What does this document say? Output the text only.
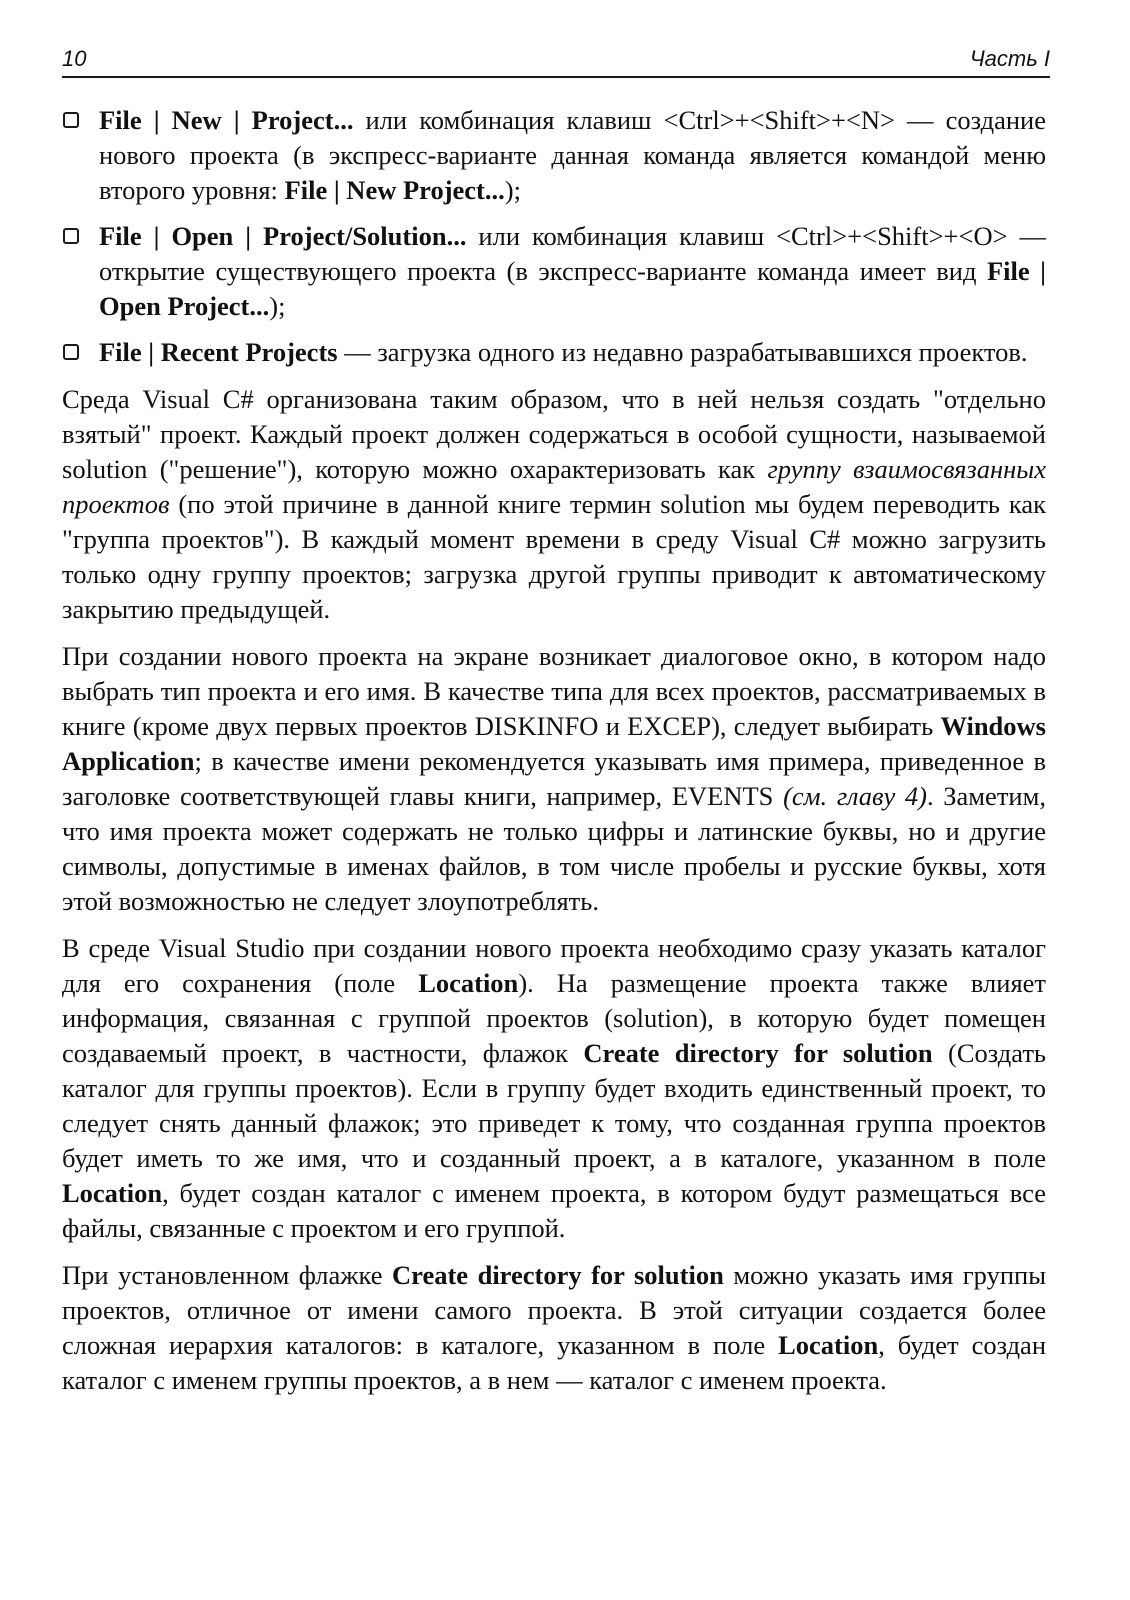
10	Часть I
File | New | Project... или комбинация клавиш <Ctrl>+<Shift>+<N> — создание нового проекта (в экспресс-варианте данная команда является командой меню второго уровня: File | New Project...);
File | Open | Project/Solution... или комбинация клавиш <Ctrl>+<Shift>+<O> — открытие существующего проекта (в экспресс-варианте команда имеет вид File | Open Project...);
File | Recent Projects — загрузка одного из недавно разрабатывавшихся проектов.

Среда Visual C# организована таким образом, что в ней нельзя создать "отдельно взятый" проект. Каждый проект должен содержаться в особой сущности, называемой solution ("решение"), которую можно охарактеризовать как группу взаимосвязанных проектов (по этой причине в данной книге термин solution мы будем переводить как "группа проектов"). В каждый момент времени в среду Visual C# можно загрузить только одну группу проектов; загрузка другой группы приводит к автоматическому закрытию предыдущей.

При создании нового проекта на экране возникает диалоговое окно, в котором надо выбрать тип проекта и его имя. В качестве типа для всех проектов, рассматриваемых в книге (кроме двух первых проектов DISKINFO и EXCEP), следует выбирать Windows Application; в качестве имени рекомендуется указывать имя примера, приведенное в заголовке соответствующей главы книги, например, EVENTS (см. главу 4). Заметим, что имя проекта может содержать не только цифры и латинские буквы, но и другие символы, допустимые в именах файлов, в том числе пробелы и русские буквы, хотя этой возможностью не следует злоупотреблять.

В среде Visual Studio при создании нового проекта необходимо сразу указать каталог для его сохранения (поле Location). На размещение проекта также влияет информация, связанная с группой проектов (solution), в которую будет помещен создаваемый проект, в частности, флажок Create directory for solution (Создать каталог для группы проектов). Если в группу будет входить единственный проект, то следует снять данный флажок; это приведет к тому, что созданная группа проектов будет иметь то же имя, что и созданный проект, а в каталоге, указанном в поле Location, будет создан каталог с именем проекта, в котором будут размещаться все файлы, связанные с проектом и его группой.

При установленном флажке Create directory for solution можно указать имя группы проектов, отличное от имени самого проекта. В этой ситуации создается более сложная иерархия каталогов: в каталоге, указанном в поле Location, будет создан каталог с именем группы проектов, а в нем — каталог с именем проекта.
